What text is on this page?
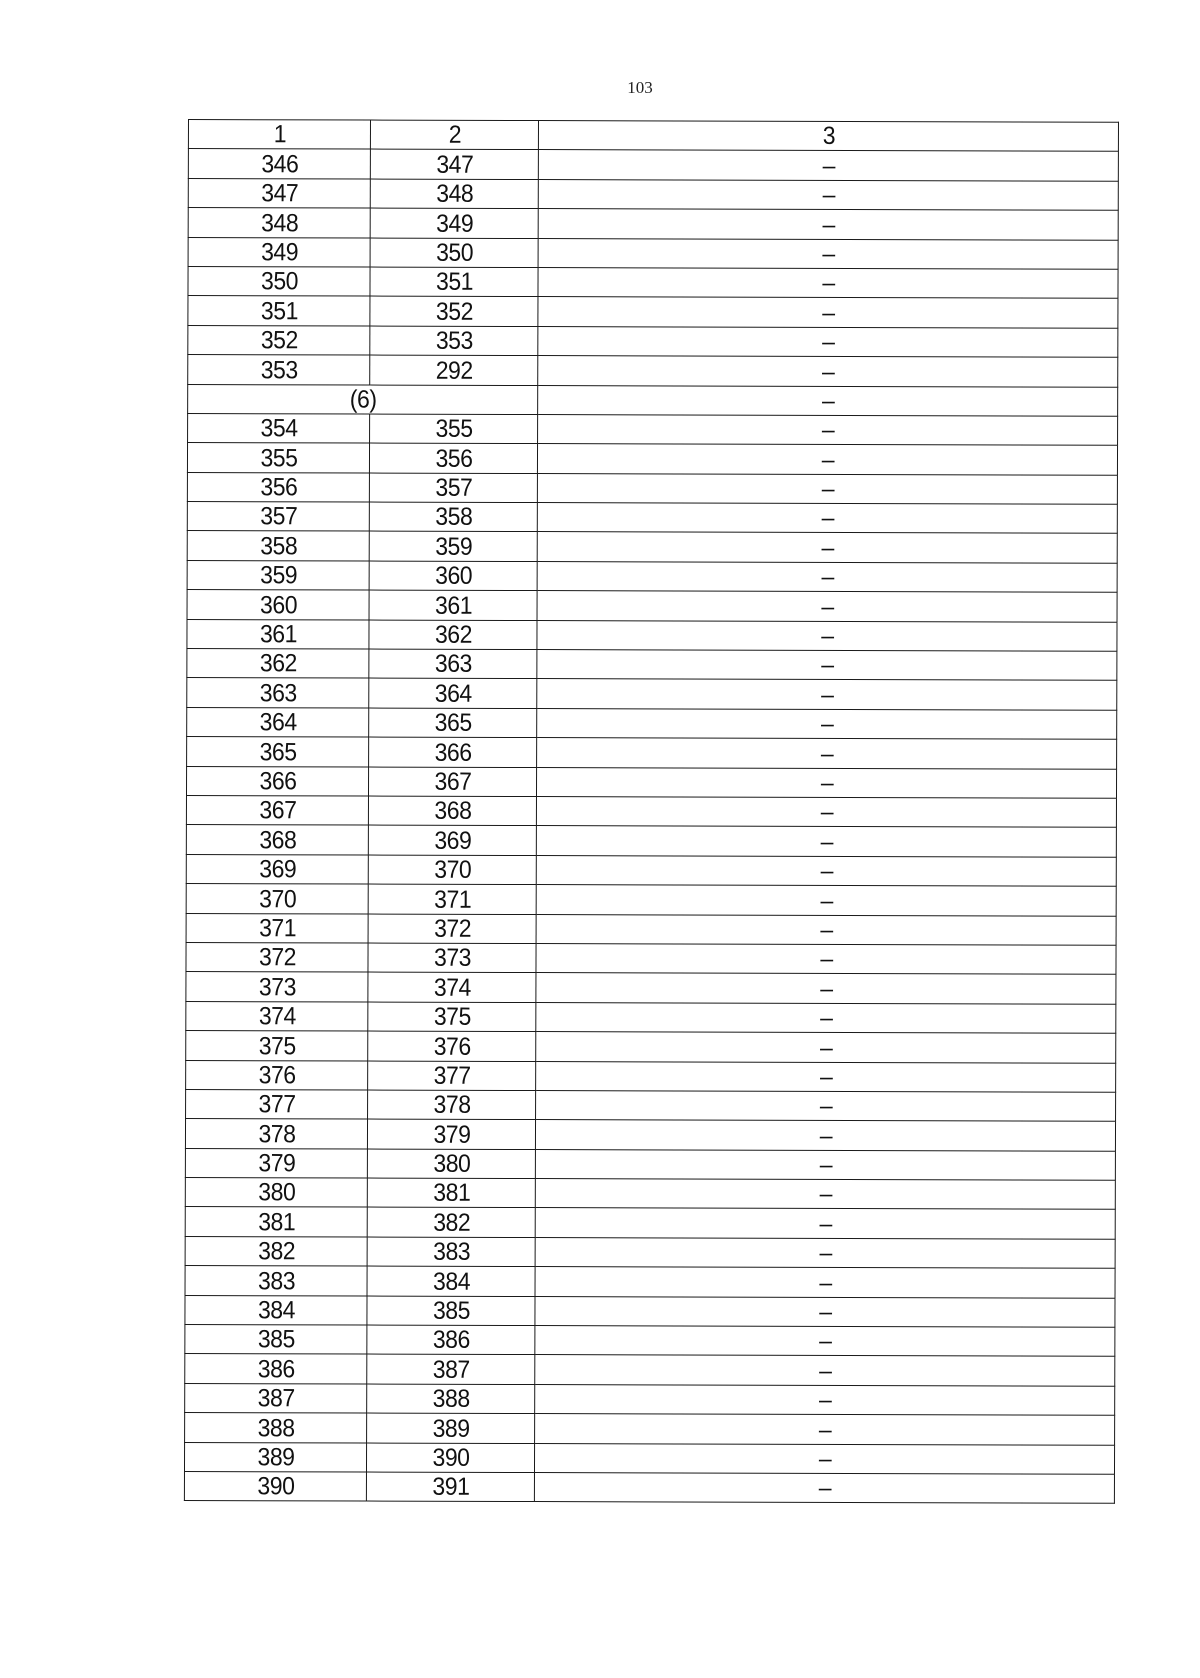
103
1	2	3
346	347	–
347	348	–
348	349	–
349	350	–
350	351	–
351	352	–
352	353	–
353	292	–
(6)		–
354	355	–
355	356	–
356	357	–
357	358	–
358	359	–
359	360	–
360	361	–
361	362	–
362	363	–
363	364	–
364	365	–
365	366	–
366	367	–
367	368	–
368	369	–
369	370	–
370	371	–
371	372	–
372	373	–
373	374	–
374	375	–
375	376	–
376	377	–
377	378	–
378	379	–
379	380	–
380	381	–
381	382	–
382	383	–
383	384	–
384	385	–
385	386	–
386	387	–
387	388	–
388	389	–
389	390	–
390	391	–
